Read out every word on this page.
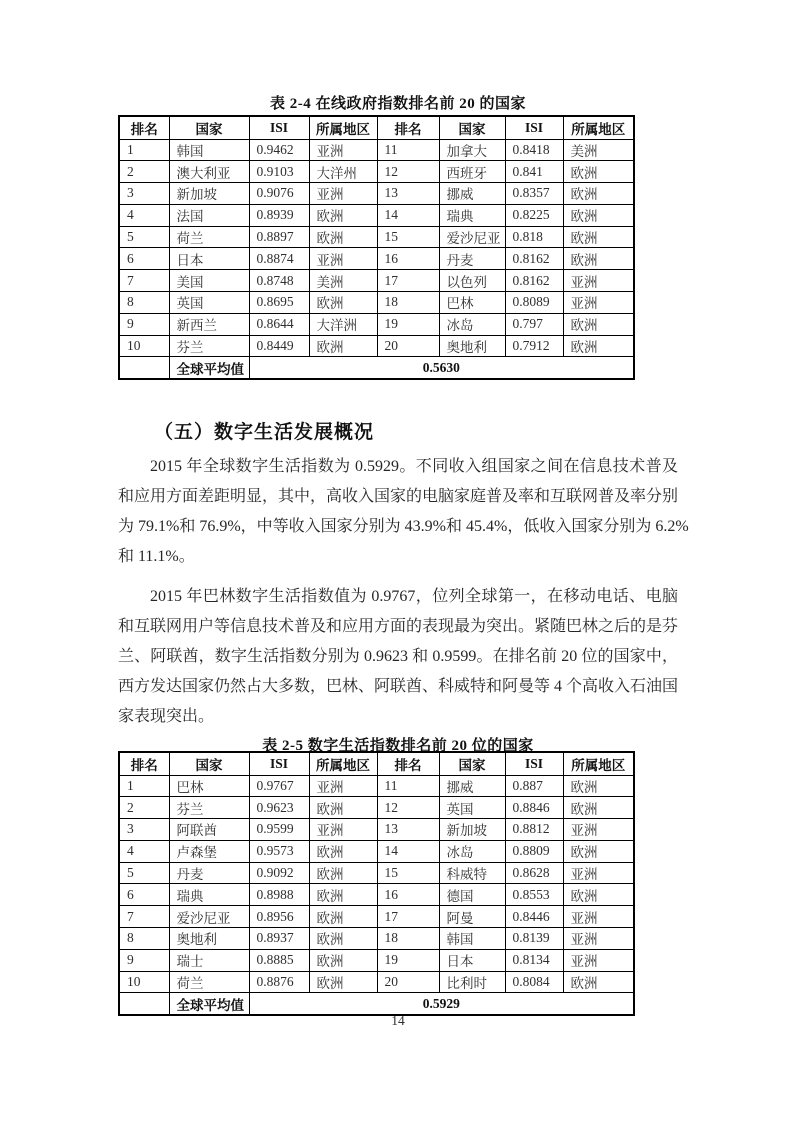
表 2-4 在线政府指数排名前 20 的国家
排名	国家	ISI	所属地区	排名	国家	ISI	所属地区
1	韩国	0.9462	亚洲	11	加拿大	0.8418	美洲
2	澳大利亚	0.9103	大洋州	12	西班牙	0.841	欧洲
3	新加坡	0.9076	亚洲	13	挪威	0.8357	欧洲
4	法国	0.8939	欧洲	14	瑞典	0.8225	欧洲
5	荷兰	0.8897	欧洲	15	爱沙尼亚	0.818	欧洲
6	日本	0.8874	亚洲	16	丹麦	0.8162	欧洲
7	美国	0.8748	美洲	17	以色列	0.8162	亚洲
8	英国	0.8695	欧洲	18	巴林	0.8089	亚洲
9	新西兰	0.8644	大洋洲	19	冰岛	0.797	欧洲
10	芬兰	0.8449	欧洲	20	奥地利	0.7912	欧洲
	全球平均值	0.5630					
（五）数字生活发展概况
2015 年全球数字生活指数为 0.5929。不同收入组国家之间在信息技术普及
和应用方面差距明显，其中，高收入国家的电脑家庭普及率和互联网普及率分别
为 79.1%和 76.9%，中等收入国家分别为 43.9%和 45.4%，低收入国家分别为 6.2%
和 11.1%。
2015 年巴林数字生活指数值为 0.9767，位列全球第一，在移动电话、电脑
和互联网用户等信息技术普及和应用方面的表现最为突出。紧随巴林之后的是芬
兰、阿联酋，数字生活指数分别为 0.9623 和 0.9599。在排名前 20 位的国家中，
西方发达国家仍然占大多数，巴林、阿联酋、科威特和阿曼等 4 个高收入石油国
家表现突出。
表 2-5 数字生活指数排名前 20 位的国家
排名	国家	ISI	所属地区	排名	国家	ISI	所属地区
1	巴林	0.9767	亚洲	11	挪威	0.887	欧洲
2	芬兰	0.9623	欧洲	12	英国	0.8846	欧洲
3	阿联酋	0.9599	亚洲	13	新加坡	0.8812	亚洲
4	卢森堡	0.9573	欧洲	14	冰岛	0.8809	欧洲
5	丹麦	0.9092	欧洲	15	科威特	0.8628	亚洲
6	瑞典	0.8988	欧洲	16	德国	0.8553	欧洲
7	爱沙尼亚	0.8956	欧洲	17	阿曼	0.8446	亚洲
8	奥地利	0.8937	欧洲	18	韩国	0.8139	亚洲
9	瑞士	0.8885	欧洲	19	日本	0.8134	亚洲
10	荷兰	0.8876	欧洲	20	比利时	0.8084	欧洲
	全球平均值	0.5929					
14
